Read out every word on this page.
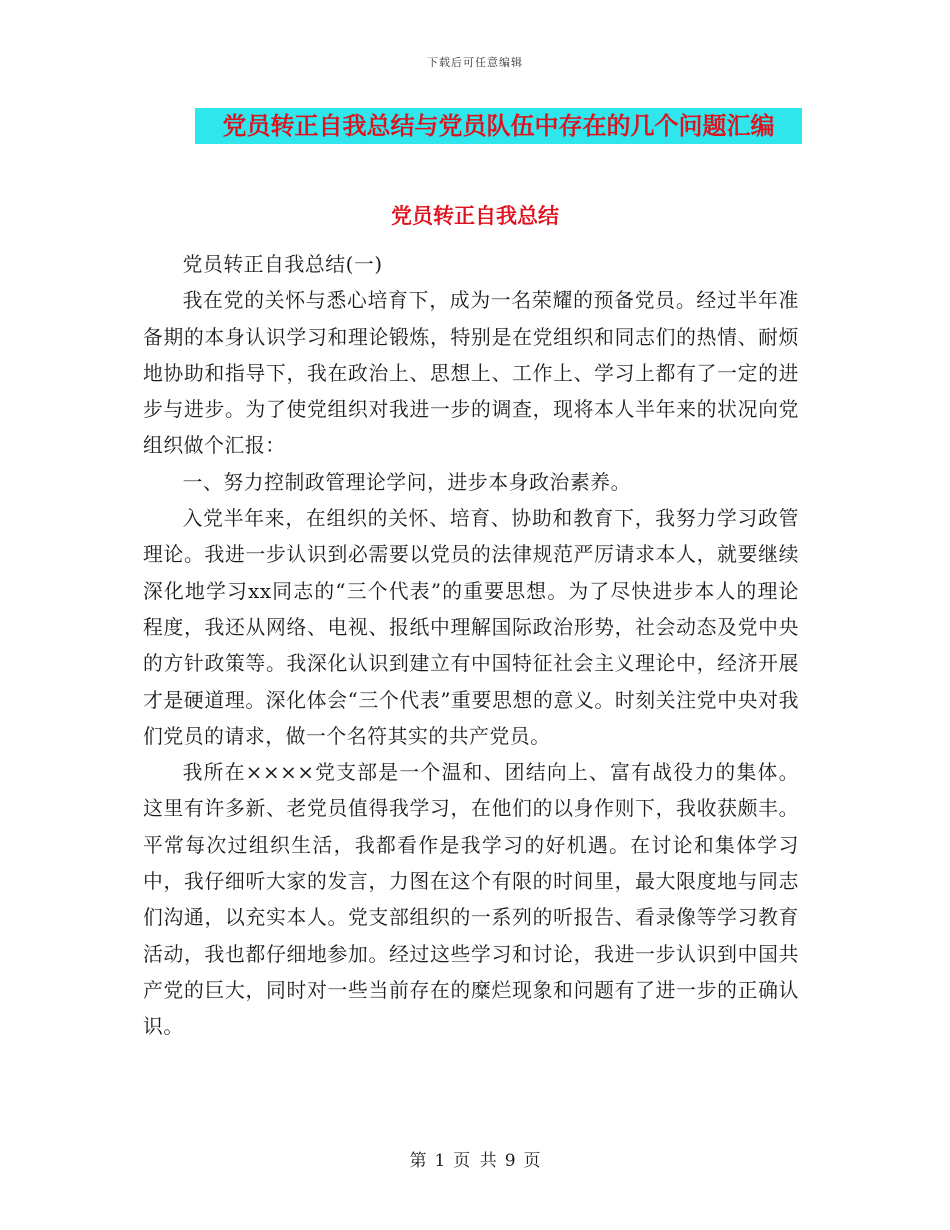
下载后可任意编辑
党员转正自我总结与党员队伍中存在的几个问题汇编
党员转正自我总结

党员转正自我总结(一)

我在党的关怀与悉心培育下，成为一名荣耀的预备党员。经过半年准备期的本身认识学习和理论锻炼，特别是在党组织和同志们的热情、耐烦地协助和指导下，我在政治上、思想上、工作上、学习上都有了一定的进步与进步。为了使党组织对我进一步的调查，现将本人半年来的状况向党组织做个汇报：

一、努力控制政管理论学问，进步本身政治素养。

入党半年来，在组织的关怀、培育、协助和教育下，我努力学习政管理论。我进一步认识到必需要以党员的法律规范严厉请求本人，就要继续深化地学习xx同志的“三个代表”的重要思想。为了尽快进步本人的理论程度，我还从网络、电视、报纸中理解国际政治形势，社会动态及党中央的方针政策等。我深化认识到建立有中国特征社会主义理论中，经济开展才是硬道理。深化体会“三个代表”重要思想的意义。时刻关注党中央对我们党员的请求，做一个名符其实的共产党员。

我所在××××党支部是一个温和、团结向上、富有战役力的集体。这里有许多新、老党员值得我学习，在他们的以身作则下，我收获颇丰。平常每次过组织生活，我都看作是我学习的好机遇。在讨论和集体学习中，我仔细听大家的发言，力图在这个有限的时间里，最大限度地与同志们沟通，以充实本人。党支部组织的一系列的听报告、看录像等学习教育活动，我也都仔细地参加。经过这些学习和讨论，我进一步认识到中国共产党的巨大，同时对一些当前存在的糜烂现象和问题有了进一步的正确认识。

第 1 页 共 9 页
